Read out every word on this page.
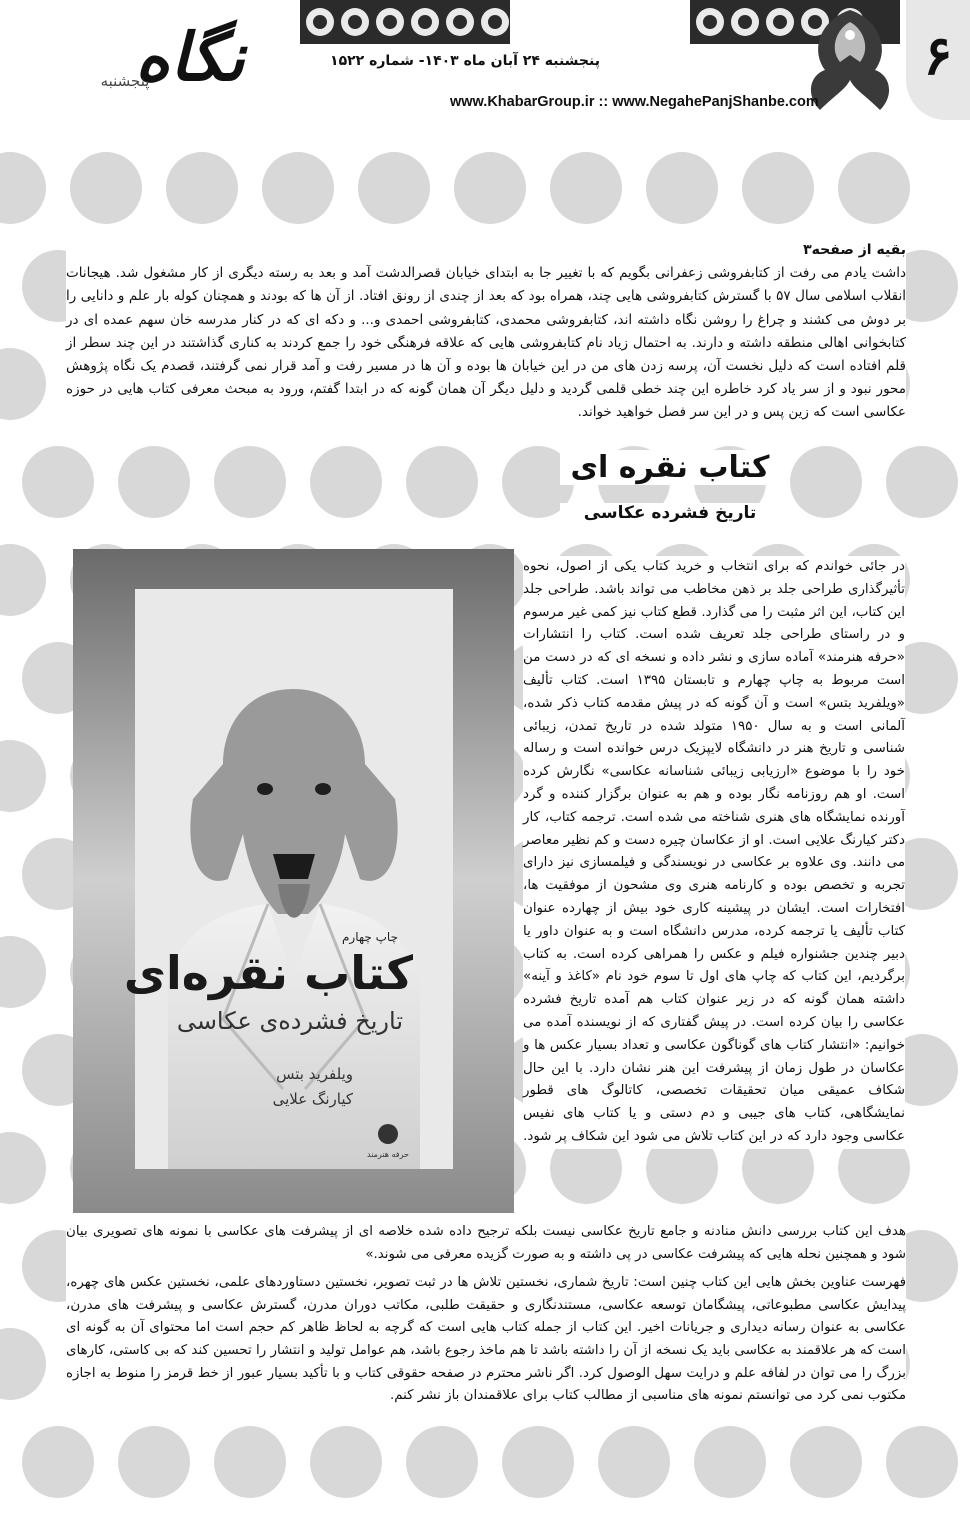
۶
نگاه
پنجشنبه
پنجشنبه ۲۴ آبان ماه ۱۴۰۳- شماره ۱۵۲۲
www.KhabarGroup.ir :: www.NegahePanjShanbe.com
بقیه از صفحه۳
داشت یادم می رفت از کتابفروشی زعفرانی بگویم که با تغییر جا به ابتدای خیابان قصرالدشت آمد و بعد به رسته دیگری از کار مشغول شد. هیجانات انقلاب اسلامی سال ۵۷ با گسترش کتابفروشی هایی چند، همراه بود که بعد از چندی از رونق افتاد. از آن ها که بودند و همچنان کوله بار علم و دانایی را بر دوش می کشند و چراغ را روشن نگاه داشته اند، کتابفروشی محمدی، کتابفروشی احمدی و... و دکه ای که در کنار مدرسه خان سهم عمده ای در کتابخوانی اهالی منطقه داشته و دارند. به احتمال زیاد نام کتابفروشی هایی که علاقه فرهنگی خود را جمع کردند به کناری گذاشتند در این چند سطر از قلم افتاده است که دلیل نخست آن، پرسه زدن های من در این خیابان ها بوده و آن ها در مسیر رفت و آمد قرار نمی گرفتند، قصدم یک نگاه پژوهش محور نبود و از سر یاد کرد خاطره این چند خطی قلمی گردید و دلیل دیگر آن همان گونه که در ابتدا گفتم، ورود به مبحث معرفی کتاب هایی در حوزه عکاسی است که زین پس و در این سر فصل خواهید خواند.
کتاب نقره ای
تاریخ فشرده عکاسی
چاپ چهارم
کتاب نقره‌ای
تاریخ فشرده‌ی عکاسی
ویلفرید بتس
کیارنگ علایی
حرفه هنرمند
در جائی خواندم که برای انتخاب و خرید کتاب یکی از اصول، نحوه تأثیرگذاری طراحی جلد بر ذهن مخاطب می تواند باشد. طراحی جلد این کتاب، این اثر مثبت را می گذارد. قطع کتاب نیز کمی غیر مرسوم و در راستای طراحی جلد تعریف شده است. کتاب را انتشارات «حرفه هنرمند» آماده سازی و نشر داده و نسخه ای که در دست من است مربوط به چاپ چهارم و تابستان ۱۳۹۵ است. کتاب تألیف «ویلفرید بتس» است و آن گونه که در پیش مقدمه کتاب ذکر شده، آلمانی است و به سال ۱۹۵۰ متولد شده در تاریخ تمدن، زیبائی شناسی و تاریخ هنر در دانشگاه لایپزیک درس خوانده است و رساله خود را با موضوع «ارزیابی زیبائی شناسانه عکاسی» نگارش کرده است. او هم روزنامه نگار بوده و هم به عنوان برگزار کننده و گرد آورنده نمایشگاه های هنری شناخته می شده است. ترجمه کتاب، کار دکتر کیارنگ علایی است. او از عکاسان چیره دست و کم نظیر معاصر می دانند. وی علاوه بر عکاسی در نویسندگی و فیلمسازی نیز دارای تجربه و تخصص بوده و کارنامه هنری وی مشحون از موفقیت ها، افتخارات است. ایشان در پیشینه کاری خود بیش از چهارده عنوان کتاب تألیف یا ترجمه کرده، مدرس دانشگاه است و به عنوان داور یا دبیر چندین جشنواره فیلم و عکس را همراهی کرده است. به کتاب برگردیم، این کتاب که چاپ های اول تا سوم خود نام «کاغذ و آینه» داشته همان گونه که در زیر عنوان کتاب هم آمده تاریخ فشرده عکاسی را بیان کرده است. در پیش گفتاری که از نویسنده آمده می خوانیم: «انتشار کتاب های گوناگون عکاسی و تعداد بسیار عکس ها و عکاسان در طول زمان از پیشرفت این هنر نشان دارد. با این حال شکاف عمیقی میان تحقیقات تخصصی، کاتالوگ های قطور نمایشگاهی، کتاب های جیبی و دم دستی و یا کتاب های نفیس عکاسی وجود دارد که در این کتاب تلاش می شود این شکاف پر شود.

هدف این کتاب بررسی دانش منادنه و جامع تاریخ عکاسی نیست بلکه ترجیح داده شده خلاصه ای از پیشرفت های عکاسی با نمونه های تصویری بیان شود و همچنین نحله هایی که پیشرفت عکاسی در پی داشته و به صورت گزیده معرفی می شوند.»

فهرست عناوین بخش هایی این کتاب چنین است: تاریخ شماری، نخستین تلاش ها در ثبت تصویر، نخستین دستاوردهای علمی، نخستین عکس های چهره، پیدایش عکاسی مطبوعاتی، پیشگامان توسعه عکاسی، مستندنگاری و حقیقت طلبی، مکاتب دوران مدرن، گسترش عکاسی و پیشرفت های مدرن، عکاسی به عنوان رسانه دیداری و جریانات اخیر. این کتاب از جمله کتاب هایی است که گرچه به لحاظ ظاهر کم حجم است اما محتوای آن به گونه ای است که هر علاقمند به عکاسی باید یک نسخه از آن را داشته باشد تا هم ماخذ رجوع باشد، هم عوامل تولید و انتشار را تحسین کند که بی کاستی، کارهای بزرگ را می توان در لفافه علم و درایت سهل الوصول کرد. اگر ناشر محترم در صفحه حقوقی کتاب و با تأکید بسیار عبور از خط قرمز را منوط به اجازه مکتوب نمی کرد می توانستم نمونه های مناسبی از مطالب کتاب برای علاقمندان باز نشر کنم.
